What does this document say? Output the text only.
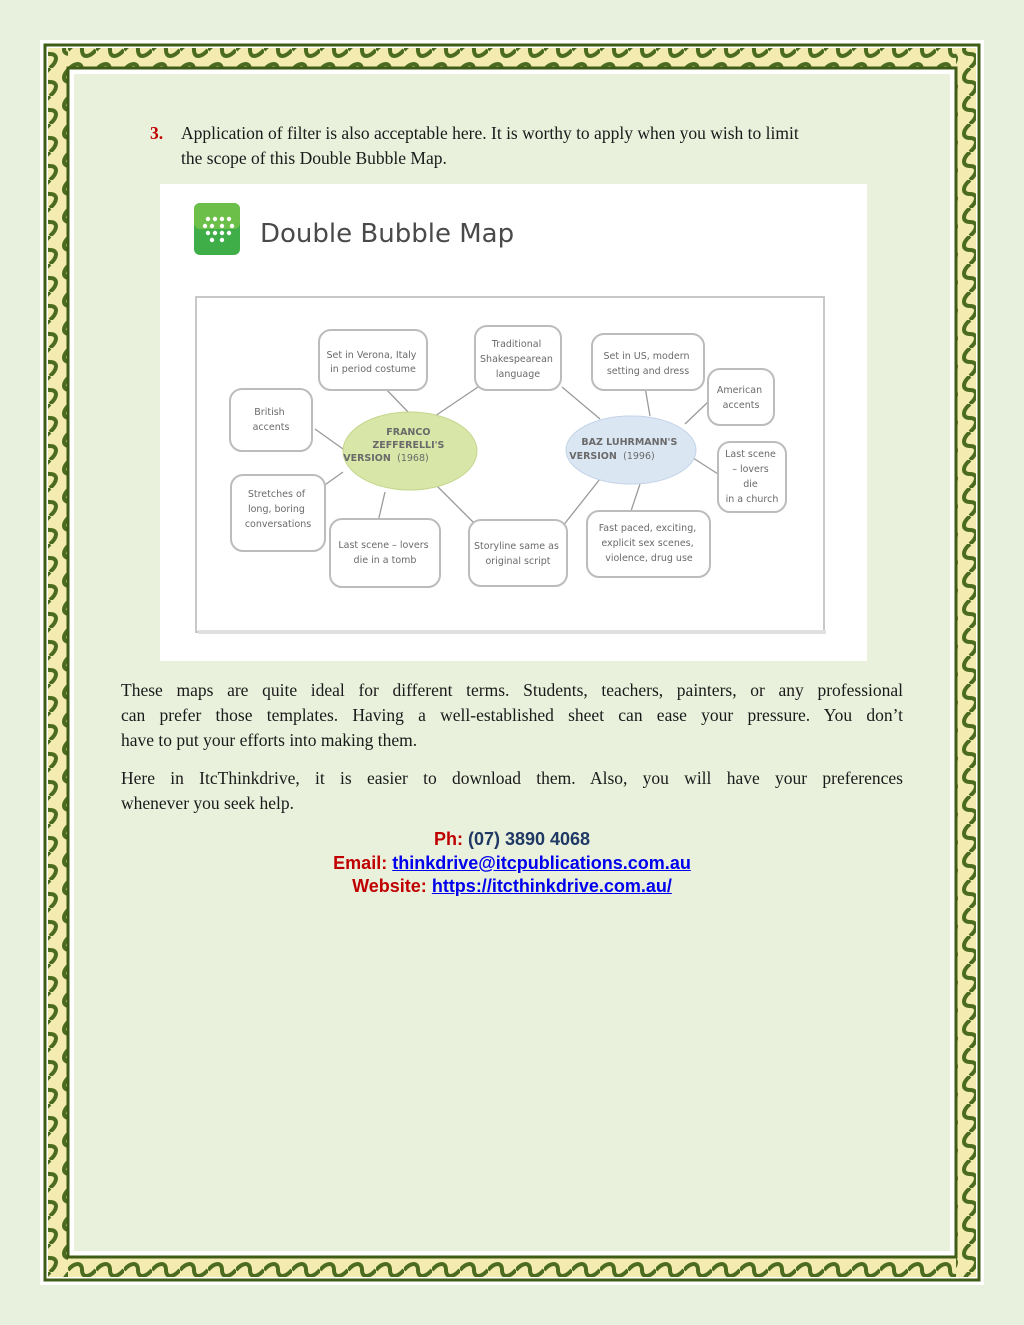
3. Application of filter is also acceptable here. It is worthy to apply when you wish to limit

the scope of this Double Bubble Map.

Double Bubble Map
FRANCO ZEFFERELLI'S VERSION (1968)
BAZ LUHRMANN'S VERSION (1996)
Set in Verona, Italy in period costume
British accents
Stretches of long, boring conversations
Last scene – lovers die in a tomb
Traditional Shakespearean language
Storyline same as original script
Set in US, modern setting and dress
American accents
Last scene – lovers die in a church
Fast paced, exciting, explicit sex scenes, violence, drug use
These maps are quite ideal for different terms. Students, teachers, painters, or any professional
can prefer those templates. Having a well-established sheet can ease your pressure. You don’t
have to put your efforts into making them.
Here in ItcThinkdrive, it is easier to download them. Also, you will have your preferences
whenever you seek help.
Ph: (07) 3890 4068
Email: thinkdrive@itcpublications.com.au
Website: https://itcthinkdrive.com.au/
